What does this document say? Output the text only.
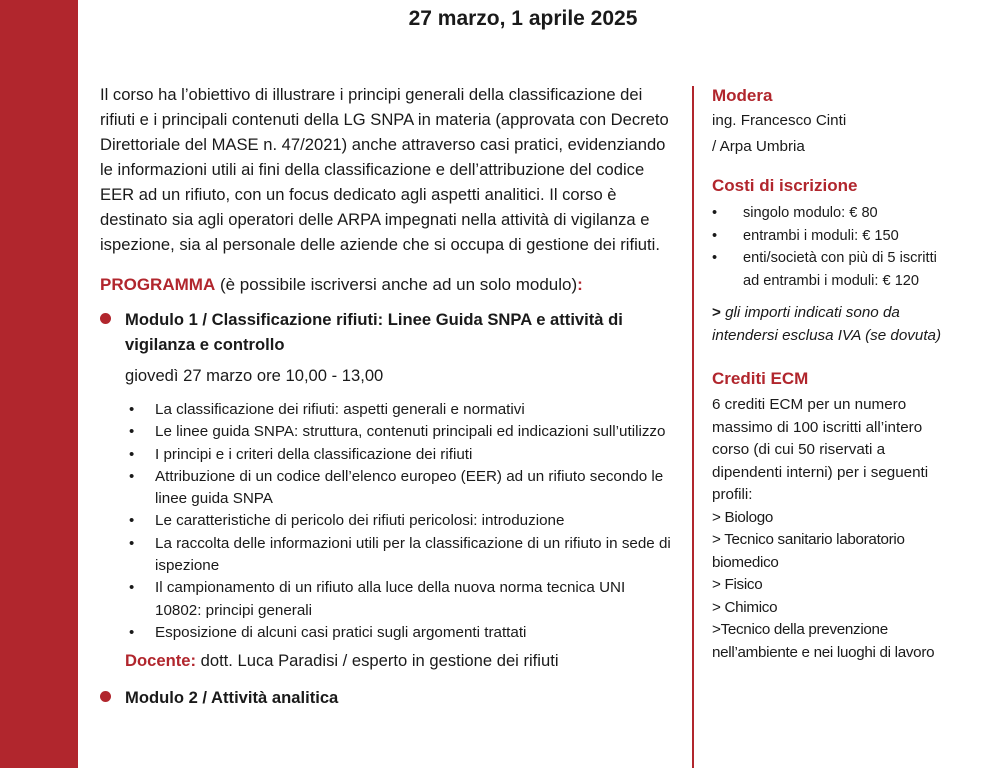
27 marzo, 1 aprile 2025

Il corso ha l’obiettivo di illustrare i principi generali della classificazione dei rifiuti e i principali contenuti della LG SNPA in materia (approvata con Decreto Direttoriale del MASE n. 47/2021) anche attraverso casi pratici, evidenziando le informazioni utili ai fini della classificazione e dell’attribuzione del codice EER ad un rifiuto, con un focus dedicato agli aspetti analitici. Il corso è destinato sia agli operatori delle ARPA impegnati nella attività di vigilanza e ispezione, sia al personale delle aziende che si occupa di gestione dei rifiuti.

PROGRAMMA (è possibile iscriversi anche ad un solo modulo):
Modulo 1 / Classificazione rifiuti: Linee Guida SNPA e attività di vigilanza e controllo
giovedì 27 marzo ore 10,00 - 13,00
• La classificazione dei rifiuti: aspetti generali e normativi
• Le linee guida SNPA: struttura, contenuti principali ed indicazioni sull’utilizzo
• I principi e i criteri della classificazione dei rifiuti
• Attribuzione di un codice dell’elenco europeo (EER) ad un rifiuto secondo le linee guida SNPA
• Le caratteristiche di pericolo dei rifiuti pericolosi: introduzione
• La raccolta delle informazioni utili per la classificazione di un rifiuto in sede di ispezione
• Il campionamento di un rifiuto alla luce della nuova norma tecnica UNI 10802: principi generali
• Esposizione di alcuni casi pratici sugli argomenti trattati
Docente: dott. Luca Paradisi / esperto in gestione dei rifiuti
Modulo 2 / Attività analitica
Modera
ing. Francesco Cinti
/ Arpa Umbria
Costi di iscrizione
• singolo modulo: € 80
• entrambi i moduli: € 150
• enti/società con più di 5 iscritti ad entrambi i moduli: € 120
> gli importi indicati sono da intendersi esclusa IVA (se dovuta)
Crediti ECM
6 crediti ECM per un numero massimo di 100 iscritti all’intero corso (di cui 50 riservati a dipendenti interni) per i seguenti profili:
> Biologo
> Tecnico sanitario laboratorio biomedico
> Fisico
> Chimico
>Tecnico della prevenzione nell’ambiente e nei luoghi di lavoro
